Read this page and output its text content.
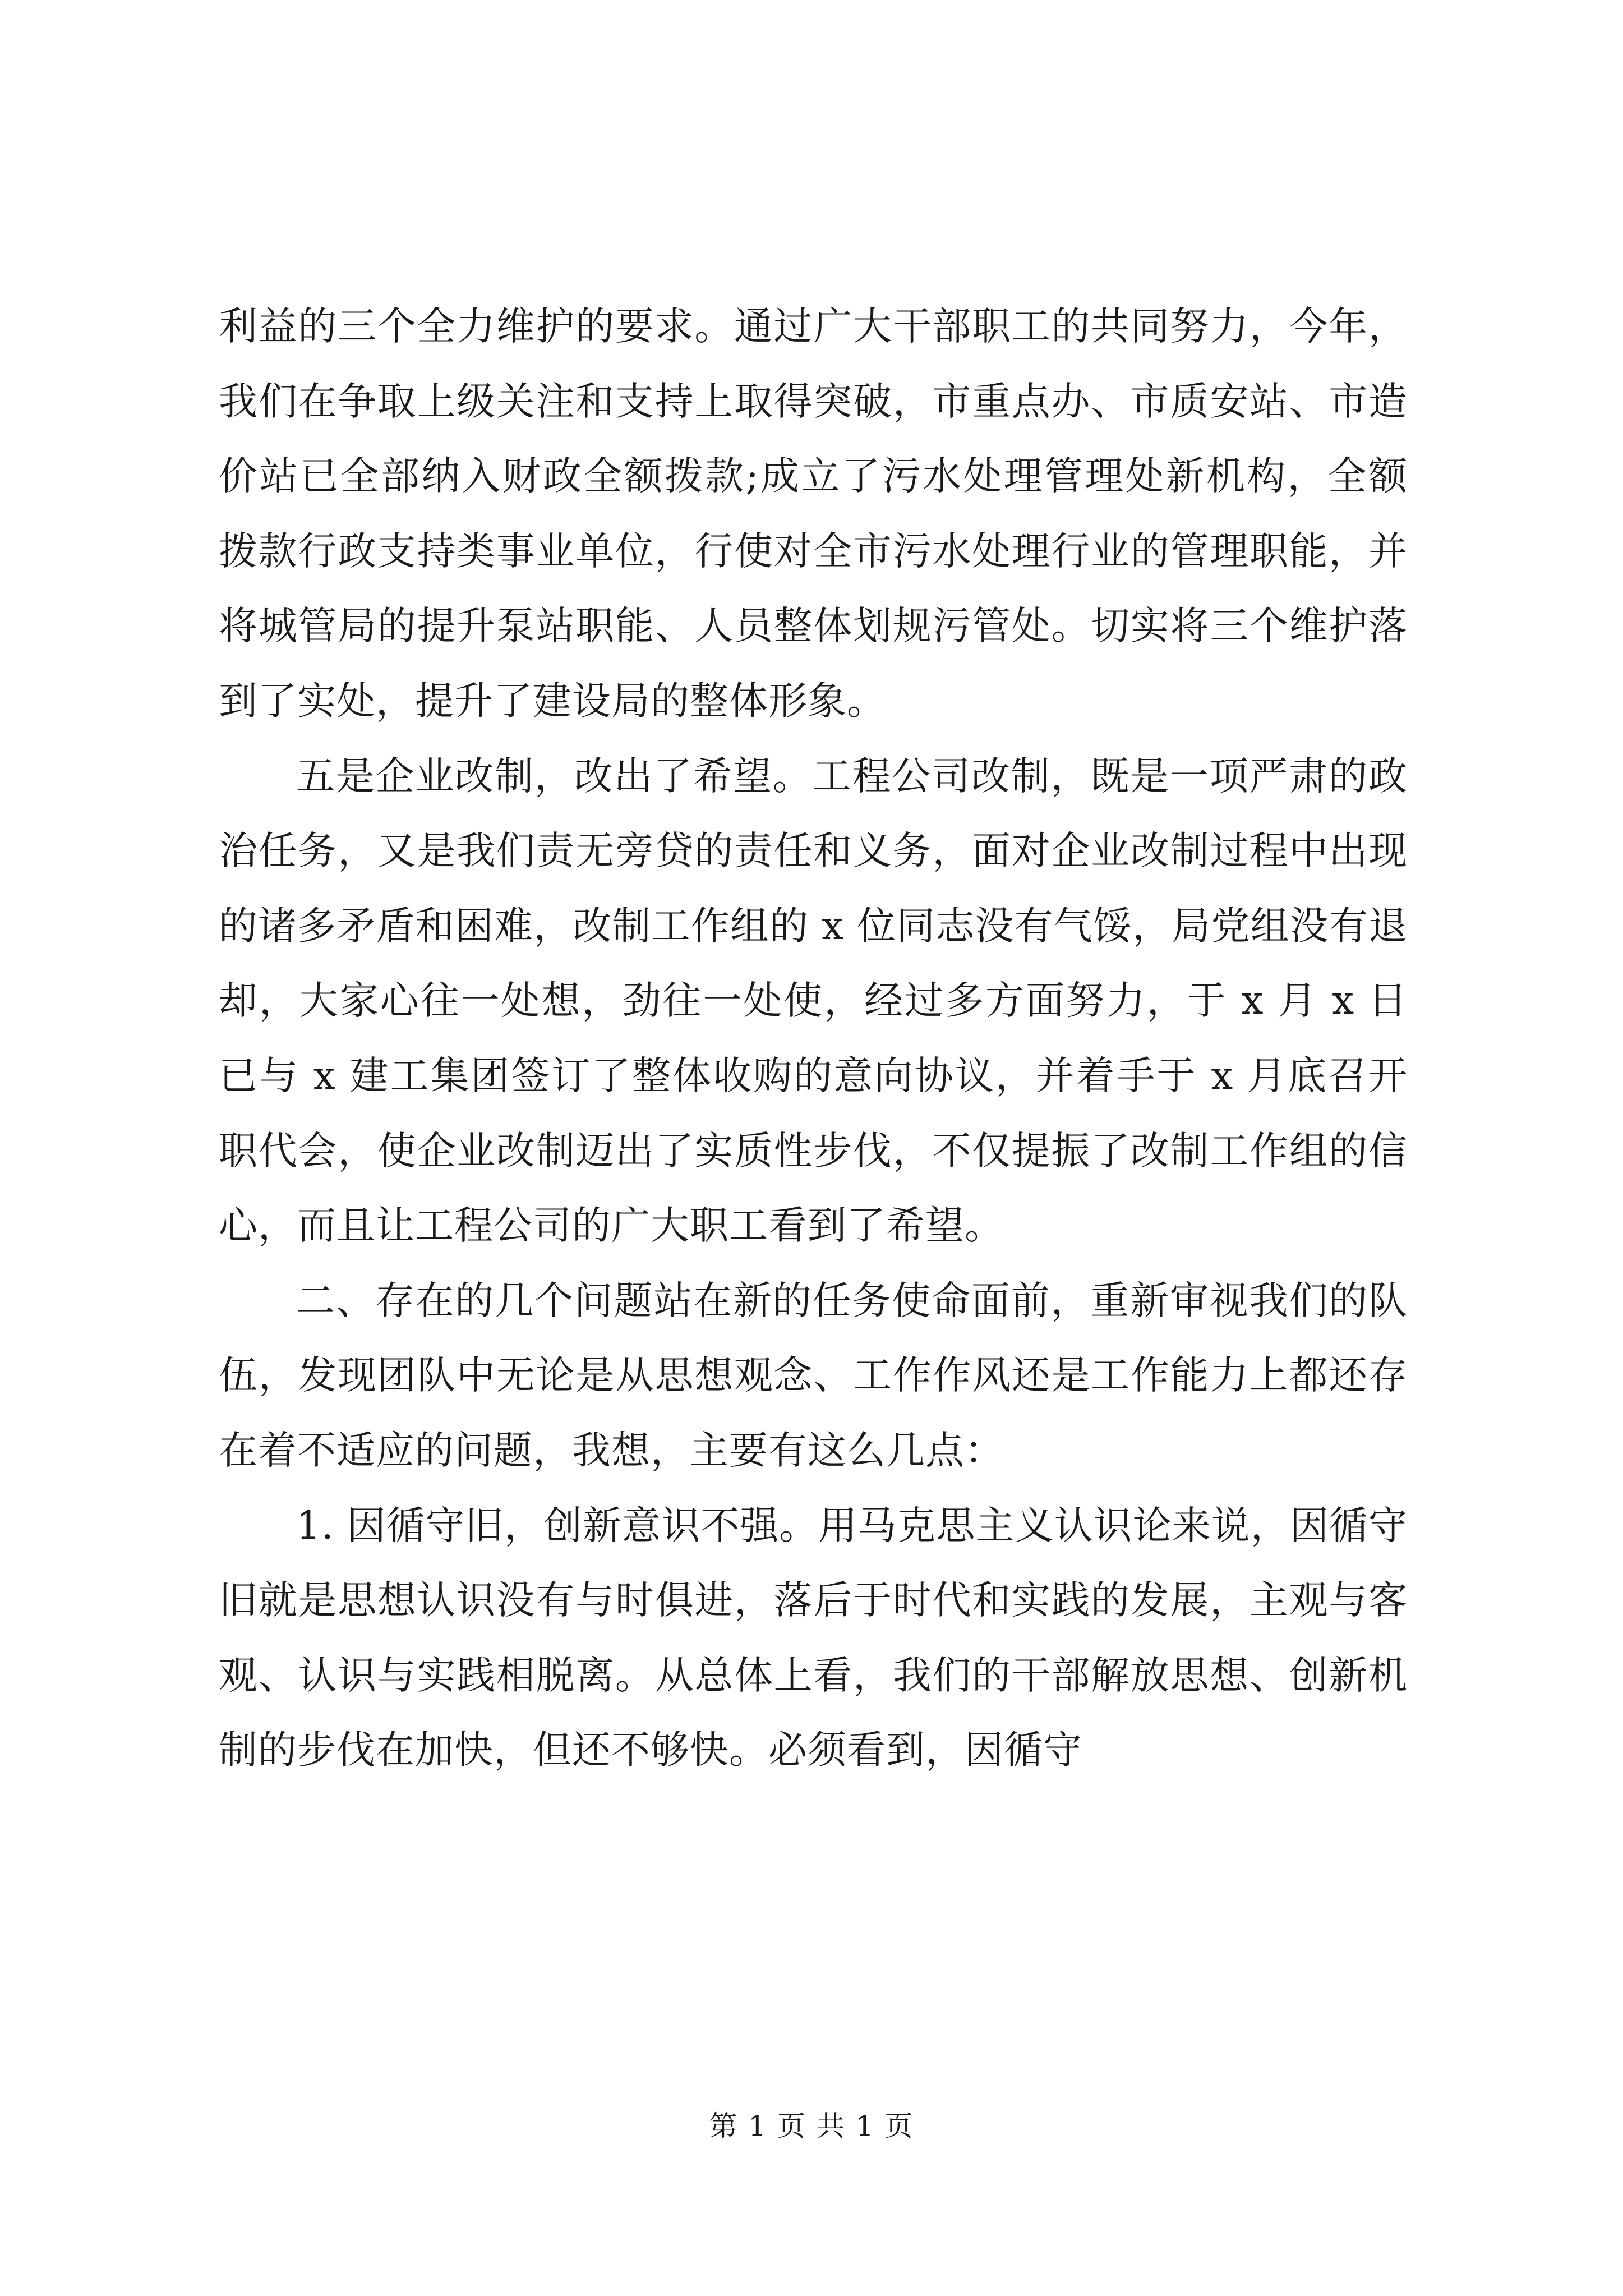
利益的三个全力维护的要求。通过广大干部职工的共同努力，今年，我们在争取上级关注和支持上取得突破，市重点办、市质安站、市造价站已全部纳入财政全额拨款;成立了污水处理管理处新机构，全额拨款行政支持类事业单位，行使对全市污水处理行业的管理职能，并将城管局的提升泵站职能、人员整体划规污管处。切实将三个维护落到了实处，提升了建设局的整体形象。

五是企业改制，改出了希望。工程公司改制，既是一项严肃的政治任务，又是我们责无旁贷的责任和义务，面对企业改制过程中出现的诸多矛盾和困难，改制工作组的 x 位同志没有气馁，局党组没有退却，大家心往一处想，劲往一处使，经过多方面努力，于 x 月 x 日已与 x 建工集团签订了整体收购的意向协议，并着手于 x 月底召开职代会，使企业改制迈出了实质性步伐，不仅提振了改制工作组的信心，而且让工程公司的广大职工看到了希望。

二、存在的几个问题站在新的任务使命面前，重新审视我们的队伍，发现团队中无论是从思想观念、工作作风还是工作能力上都还存在着不适应的问题，我想，主要有这么几点：

1. 因循守旧，创新意识不强。用马克思主义认识论来说，因循守旧就是思想认识没有与时俱进，落后于时代和实践的发展，主观与客观、认识与实践相脱离。从总体上看，我们的干部解放思想、创新机制的步伐在加快，但还不够快。必须看到，因循守

第 1 页 共 1 页
